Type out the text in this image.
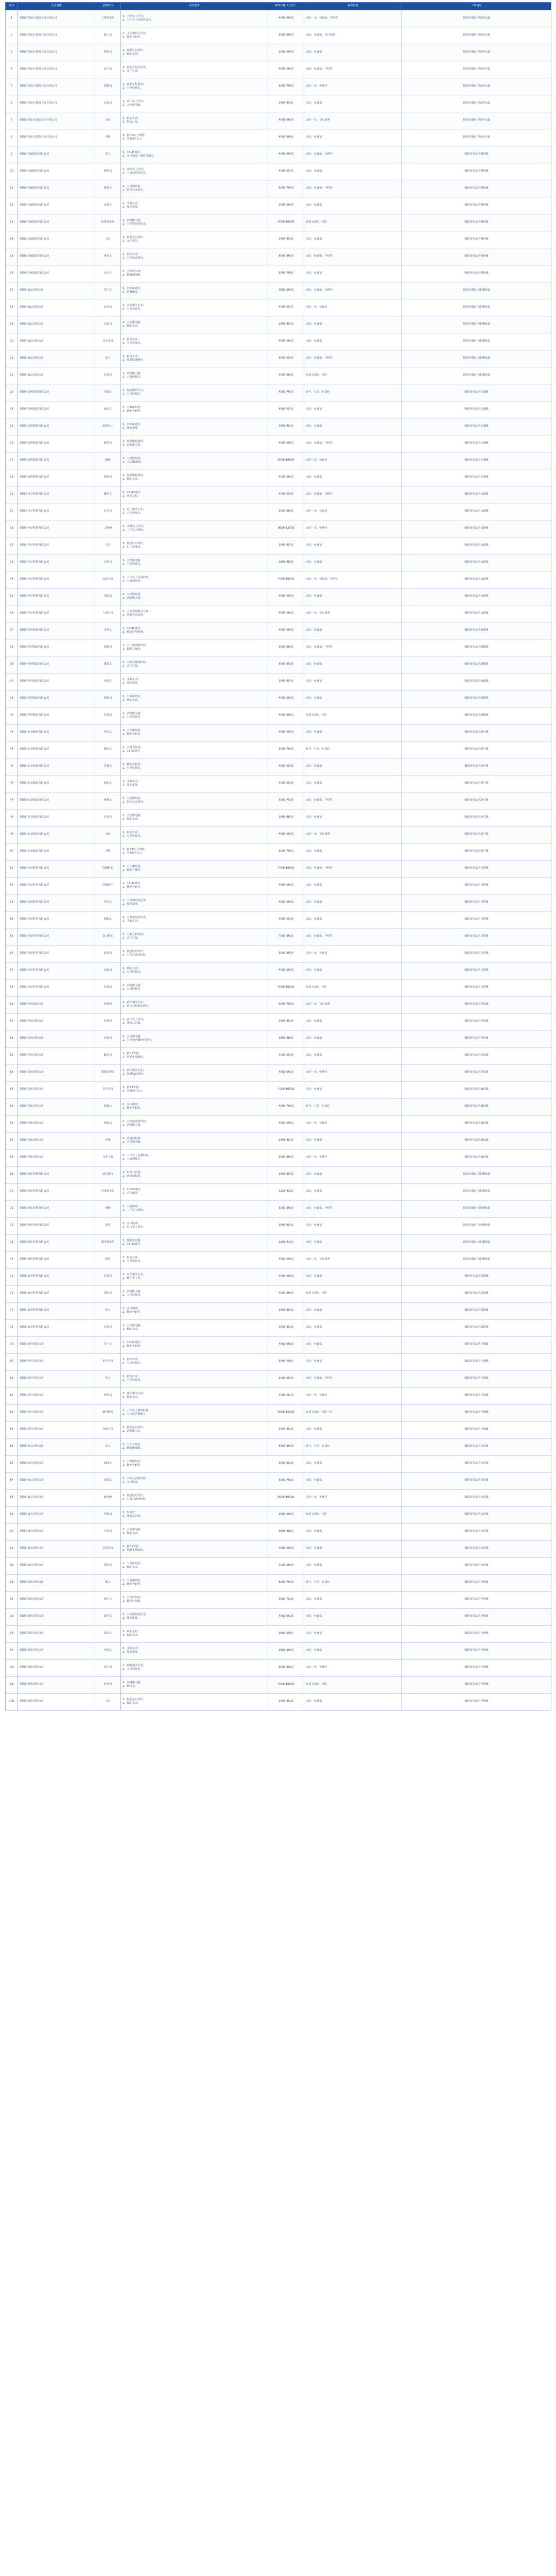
序号	企业名称	招聘岗位	岗位要求	薪资待遇（元/月）	福利待遇	工作地址
1	揭阳市揭东区建筑工程有限公司	工程技术员	1、大专以上学历；
2、有相关工作经验优先。	4000-6000	五险一金、包食宿、年终奖	揭阳市揭东区城西大道
2	揭阳市揭东区建筑工程有限公司	施工员	1、工程类相关专业；
2、能吃苦耐劳。	5000-8000	五险、包食宿、节日福利	揭阳市揭东区城西大道
3	揭阳市揭东区建筑工程有限公司	资料员	1、熟悉办公软件；
2、细心负责。	3500-5000	五险、包食宿	揭阳市揭东区城西大道
4	揭阳市揭东区建筑工程有限公司	安全员	1、持安全员证优先；
2、责任心强。	4000-6000	五险、包食宿、年终奖	揭阳市揭东区城西大道
5	揭阳市揭东区建筑工程有限公司	预算员	1、熟悉工程预算；
2、有经验优先。	5000-7000	五险一金、年终奖	揭阳市揭东区城西大道
6	揭阳市揭东区建筑工程有限公司	仓管员	1、高中以上学历；
2、会使用电脑。	3500-4500	五险、包食宿	揭阳市揭东区城西大道
7	揭阳市揭东区建筑工程有限公司	会计	1、财会专业；
2、持会计证。	4000-6000	五险一金、节日福利	揭阳市揭东区城西大道
8	揭阳市揭东区建筑工程有限公司	司机	1、持C1以上驾照；
2、驾龄3年以上。	4000-5000	五险、包食宿	揭阳市揭东区城西大道
9	揭阳市金属制品有限公司	普工	1、18-45周岁；
2、身体健康，能吃苦耐劳。	4000-6000	五险、包食宿、全勤奖	揭阳市揭东区锡场镇
10	揭阳市金属制品有限公司	质检员	1、中专以上学历；
2、有质检经验优先。	4000-5500	五险、包食宿	揭阳市揭东区锡场镇
11	揭阳市金属制品有限公司	机修工	1、有机修经验；
2、持电工证优先。	5000-7000	五险、包食宿、年终奖	揭阳市揭东区锡场镇
12	揭阳市金属制品有限公司	包装工	1、手脚灵活；
2、服从安排。	3500-5000	五险、包食宿	揭阳市揭东区锡场镇
13	揭阳市金属制品有限公司	销售业务员	1、沟通能力强；
2、有销售经验优先。	4000-10000	底薪+提成、五险	揭阳市揭东区锡场镇
14	揭阳市金属制品有限公司	文员	1、熟悉办公软件；
2、女性优先。	3500-4500	五险、包食宿	揭阳市揭东区锡场镇
15	揭阳市金属制品有限公司	电焊工	1、持焊工证；
2、有经验者优先。	6000-8000	五险、包食宿、年终奖	揭阳市揭东区锡场镇
16	揭阳市金属制品有限公司	车床工	1、会操作车床；
2、能看懂图纸。	5000-7000	五险、包食宿	揭阳市揭东区锡场镇
17	揭阳市食品有限公司	生产工	1、18-50周岁；
2、持健康证。	3800-5000	五险、包食宿、全勤奖	揭阳市揭东区曲溪街道
18	揭阳市食品有限公司	品控员	1、食品相关专业；
2、有经验优先。	4000-5500	五险一金、包食宿	揭阳市揭东区曲溪街道
19	揭阳市食品有限公司	仓管员	1、会使用电脑；
2、细心负责。	3500-4500	五险、包食宿	揭阳市揭东区曲溪街道
20	揭阳市食品有限公司	叉车司机	1、持叉车证；
2、有经验优先。	4500-6000	五险、包食宿	揭阳市揭东区曲溪街道
21	揭阳市食品有限公司	电工	1、持电工证；
2、熟悉设备维护。	5000-6500	五险、包食宿、年终奖	揭阳市揭东区曲溪街道
22	揭阳市食品有限公司	业务员	1、沟通能力强；
2、有驾照优先。	4000-8000	底薪+提成、五险	揭阳市揭东区曲溪街道
23	揭阳市纺织服装有限公司	车缝工	1、熟练操作平车；
2、有经验优先。	4500-7000	计件、五险、包食宿	揭阳市揭东区玉湖镇
24	揭阳市纺织服装有限公司	裁床工	1、有裁床经验；
2、能吃苦耐劳。	4500-6500	五险、包食宿	揭阳市揭东区玉湖镇
25	揭阳市纺织服装有限公司	尾部杂工	1、18-50周岁；
2、服从安排。	3500-4500	五险、包食宿	揭阳市揭东区玉湖镇
26	揭阳市纺织服装有限公司	跟单员	1、熟悉服装流程；
2、沟通能力强。	4000-6000	五险、包食宿、年终奖	揭阳市揭东区玉湖镇
27	揭阳市纺织服装有限公司	版师	1、有打版经验；
2、会CAD制版。	6000-10000	五险一金、包食宿	揭阳市揭东区玉湖镇
28	揭阳市纺织服装有限公司	质检员	1、熟悉服装质检；
2、细心负责。	4000-5000	五险、包食宿	揭阳市揭东区玉湖镇
29	揭阳市电子科技有限公司	操作工	1、18-40周岁；
2、视力良好。	4000-5500	五险、包食宿、全勤奖	揭阳市揭东区云路镇
30	揭阳市电子科技有限公司	技术员	1、电子相关专业；
2、有经验优先。	5000-8000	五险一金、包食宿	揭阳市揭东区云路镇
31	揭阳市电子科技有限公司	工程师	1、本科以上学历；
2、三年以上经验。	8000-12000	五险一金、年终奖	揭阳市揭东区云路镇
32	揭阳市电子科技有限公司	文员	1、熟悉办公软件；
2、打字速度快。	3500-4500	五险、包食宿	揭阳市揭东区云路镇
33	揭阳市电子科技有限公司	仓管员	1、会使用电脑；
2、有经验优先。	3800-4800	五险、包食宿	揭阳市揭东区云路镇
34	揭阳市电子科技有限公司	品质主管	1、五年以上品质经验；
2、有管理经验。	7000-10000	五险一金、包食宿、年终奖	揭阳市揭东区云路镇
35	揭阳市电子科技有限公司	采购员	1、有采购经验；
2、沟通能力强。	4500-6000	五险、包食宿	揭阳市揭东区云路镇
36	揭阳市电子科技有限公司	人事专员	1、人力资源相关专业；
2、熟悉劳动法规。	4000-6000	五险一金、节日福利	揭阳市揭东区云路镇
37	揭阳市塑料制品有限公司	注塑工	1、18-45周岁；
2、能适应两班倒。	4500-6000	五险、包食宿	揭阳市揭东区地都镇
38	揭阳市塑料制品有限公司	调机员	1、有注塑调机经验；
2、能独立操作。	6000-8000	五险、包食宿、年终奖	揭阳市揭东区地都镇
39	揭阳市塑料制品有限公司	模具工	1、有模具维修经验；
2、责任心强。	6000-8500	五险、包食宿	揭阳市揭东区地都镇
40	揭阳市塑料制品有限公司	包装工	1、手脚灵活；
2、服从安排。	3500-4500	五险、包食宿	揭阳市揭东区地都镇
41	揭阳市塑料制品有限公司	质检员	1、有质检经验；
2、细心负责。	4000-5000	五险、包食宿	揭阳市揭东区地都镇
42	揭阳市塑料制品有限公司	业务员	1、沟通能力强；
2、有经验优先。	4000-9000	底薪+提成、五险	揭阳市揭东区地都镇
43	揭阳市五金制品有限公司	冲床工	1、有冲床经验；
2、能吃苦耐劳。	4500-6000	五险、包食宿	揭阳市揭东区新亨镇
44	揭阳市五金制品有限公司	抛光工	1、有抛光经验；
2、18-50周岁。	5000-7000	计件、五险、包食宿	揭阳市揭东区新亨镇
45	揭阳市五金制品有限公司	打磨工	1、能吃苦耐劳；
2、有经验优先。	4500-6500	五险、包食宿	揭阳市揭东区新亨镇
46	揭阳市五金制品有限公司	装配工	1、手脚灵活；
2、服从安排。	4000-5500	五险、包食宿	揭阳市揭东区新亨镇
47	揭阳市五金制品有限公司	机修工	1、有机修经验；
2、持电工证优先。	5500-7500	五险、包食宿、年终奖	揭阳市揭东区新亨镇
48	揭阳市五金制品有限公司	仓管员	1、会使用电脑；
2、细心负责。	3800-4800	五险、包食宿	揭阳市揭东区新亨镇
49	揭阳市五金制品有限公司	会计	1、财会专业；
2、有经验优先。	4500-6000	五险一金、节日福利	揭阳市揭东区新亨镇
50	揭阳市五金制品有限公司	司机	1、持B2以上驾照；
2、驾龄5年以上。	5000-7000	五险、包食宿	揭阳市揭东区新亨镇
51	揭阳市包装材料有限公司	印刷机长	1、有印刷经验；
2、能独立操作。	7000-10000	五险、包食宿、年终奖	揭阳市揭东区白塔镇
52	揭阳市包装材料有限公司	印刷助手	1、18-40周岁；
2、能吃苦耐劳。	4500-6000	五险、包食宿	揭阳市揭东区白塔镇
53	揭阳市包装材料有限公司	分切工	1、有分切经验优先；
2、服从安排。	4500-6000	五险、包食宿	揭阳市揭东区白塔镇
54	揭阳市包装材料有限公司	制袋工	1、有制袋经验优先；
2、手脚灵活。	4500-6500	五险、包食宿	揭阳市揭东区白塔镇
55	揭阳市包装材料有限公司	复合机长	1、有复合机经验；
2、责任心强。	7000-9000	五险、包食宿、年终奖	揭阳市揭东区白塔镇
56	揭阳市包装材料有限公司	设计员	1、熟悉设计软件；
2、有包装设计经验。	5000-8000	五险一金、包食宿	揭阳市揭东区白塔镇
57	揭阳市包装材料有限公司	品检员	1、细心负责；
2、有经验优先。	4000-5000	五险、包食宿	揭阳市揭东区白塔镇
58	揭阳市包装材料有限公司	业务员	1、沟通能力强；
2、有驾照优先。	4000-10000	底薪+提成、五险	揭阳市揭东区白塔镇
59	揭阳市医药有限公司	药剂师	1、药学相关专业；
2、持执业药师证优先。	5000-7000	五险一金、节日福利	揭阳市揭东区龙尾镇
60	揭阳市医药有限公司	营业员	1、高中以上学历；
2、服务意识强。	3500-4500	五险、包食宿	揭阳市揭东区龙尾镇
61	揭阳市医药有限公司	仓管员	1、会使用电脑；
2、有医药仓储经验优先。	3800-4800	五险、包食宿	揭阳市揭东区龙尾镇
62	揭阳市医药有限公司	配送员	1、持C1驾照；
2、熟悉本地路线。	4000-5500	五险、包食宿	揭阳市揭东区龙尾镇
63	揭阳市医药有限公司	质量管理员	1、药学相关专业；
2、熟悉GSP规范。	4500-6000	五险一金、年终奖	揭阳市揭东区龙尾镇
64	揭阳市物流有限公司	货车司机	1、持A2驾照；
2、驾龄5年以上。	7000-10000	五险、包食宿	揭阳市揭东区埔田镇
65	揭阳市物流有限公司	装卸工	1、身体健康；
2、能吃苦耐劳。	4500-7000	计件、五险、包食宿	揭阳市揭东区埔田镇
66	揭阳市物流有限公司	调度员	1、有物流调度经验；
2、沟通能力强。	4500-6000	五险一金、包食宿	揭阳市揭东区埔田镇
67	揭阳市物流有限公司	客服	1、普通话标准；
2、会使用电脑。	3500-4500	五险、包食宿	揭阳市揭东区埔田镇
68	揭阳市物流有限公司	仓库主管	1、三年以上仓储经验；
2、有管理能力。	6000-8000	五险一金、年终奖	揭阳市揭东区埔田镇
69	揭阳市酒店管理有限公司	前台接待	1、形象气质佳；
2、普通话标准。	3500-4500	五险、包食宿	揭阳市揭东区曲溪街道
70	揭阳市酒店管理有限公司	客房服务员	1、18-50周岁；
2、吃苦耐劳。	3200-4200	五险、包食宿	揭阳市揭东区曲溪街道
71	揭阳市酒店管理有限公司	厨师	1、有厨师证；
2、三年以上经验。	5000-8000	五险、包食宿、年终奖	揭阳市揭东区曲溪街道
72	揭阳市酒店管理有限公司	保安	1、身体健康；
2、退伍军人优先。	3500-4500	五险、包食宿	揭阳市揭东区曲溪街道
73	揭阳市酒店管理有限公司	餐厅服务员	1、服务意识强；
2、18-40周岁。	3200-4200	五险、包食宿	揭阳市揭东区曲溪街道
74	揭阳市酒店管理有限公司	财务	1、财会专业；
2、有经验优先。	4500-6000	五险一金、节日福利	揭阳市揭东区曲溪街道
75	揭阳市农业科技有限公司	农技员	1、农学相关专业；
2、能下乡工作。	4000-6000	五险、包食宿	揭阳市揭东区霖磐镇
76	揭阳市农业科技有限公司	销售员	1、沟通能力强；
2、有经验优先。	4000-8000	底薪+提成、五险	揭阳市揭东区霖磐镇
77	揭阳市农业科技有限公司	普工	1、身体健康；
2、能吃苦耐劳。	3500-4500	五险、包食宿	揭阳市揭东区霖磐镇
78	揭阳市农业科技有限公司	仓管员	1、会使用电脑；
2、细心负责。	3500-4500	五险、包食宿	揭阳市揭东区霖磐镇
79	揭阳市建材有限公司	生产工	1、18-50周岁；
2、能吃苦耐劳。	4500-6000	五险、包食宿	揭阳市揭东区月城镇
80	揭阳市建材有限公司	铲车司机	1、持铲车证；
2、有经验优先。	5500-7000	五险、包食宿	揭阳市揭东区月城镇
81	揭阳市建材有限公司	电工	1、持电工证；
2、有经验优先。	5000-6500	五险、包食宿、年终奖	揭阳市揭东区月城镇
82	揭阳市建材有限公司	化验员	1、化学相关专业；
2、细心负责。	4000-5500	五险一金、包食宿	揭阳市揭东区月城镇
83	揭阳市建材有限公司	销售经理	1、五年以上销售经验；
2、有团队管理能力。	8000-15000	底薪+提成、五险一金	揭阳市揭东区月城镇
84	揭阳市建材有限公司	行政文员	1、熟悉办公软件；
2、沟通能力好。	3500-4500	五险、包食宿	揭阳市揭东区月城镇
85	揭阳市家具有限公司	木工	1、有木工经验；
2、能看懂图纸。	5500-8000	计件、五险、包食宿	揭阳市揭东区玉滘镇
86	揭阳市家具有限公司	油漆工	1、有喷漆经验；
2、能吃苦耐劳。	6000-8500	五险、包食宿	揭阳市揭东区玉滘镇
87	揭阳市家具有限公司	安装工	1、有家具安装经验；
2、身体健康。	5000-7000	五险、包食宿	揭阳市揭东区玉滘镇
88	揭阳市家具有限公司	设计师	1、熟悉设计软件；
2、有家具设计经验。	6000-10000	五险一金、年终奖	揭阳市揭东区玉滘镇
89	揭阳市家具有限公司	导购员	1、形象好；
2、服务意识强。	3500-6000	底薪+提成、五险	揭阳市揭东区玉滘镇
90	揭阳市家具有限公司	仓管员	1、会使用电脑；
2、细心负责。	3800-4800	五险、包食宿	揭阳市揭东区玉滘镇
91	揭阳市家具有限公司	送货司机	1、持C1驾照；
2、熟悉本地路线。	4500-6000	五险、包食宿	揭阳市揭东区玉滘镇
92	揭阳市家具有限公司	质检员	1、有质检经验；
2、细心负责。	4000-5000	五险、包食宿	揭阳市揭东区玉滘镇
93	揭阳市陶瓷有限公司	釉工	1、有施釉经验；
2、能吃苦耐劳。	5000-7000	计件、五险、包食宿	揭阳市揭东区桂岭镇
94	揭阳市陶瓷有限公司	窑炉工	1、有窑炉经验；
2、能适应倒班。	5500-7500	五险、包食宿	揭阳市揭东区桂岭镇
95	揭阳市陶瓷有限公司	成型工	1、有成型经验优先；
2、服从安排。	4500-6500	五险、包食宿	揭阳市揭东区桂岭镇
96	揭阳市陶瓷有限公司	拣选工	1、视力良好；
2、细心负责。	3800-5000	五险、包食宿	揭阳市揭东区桂岭镇
97	揭阳市陶瓷有限公司	包装工	1、手脚灵活；
2、服从安排。	3800-5000	五险、包食宿	揭阳市揭东区桂岭镇
98	揭阳市陶瓷有限公司	技术员	1、陶瓷相关专业；
2、有经验优先。	5000-8000	五险一金、年终奖	揭阳市揭东区桂岭镇
99	揭阳市陶瓷有限公司	业务员	1、沟通能力强；
2、能出差。	4000-10000	底薪+提成、五险	揭阳市揭东区桂岭镇
100	揭阳市陶瓷有限公司	文员	1、熟悉办公软件；
2、细心负责。	3500-4500	五险、包食宿	揭阳市揭东区桂岭镇
